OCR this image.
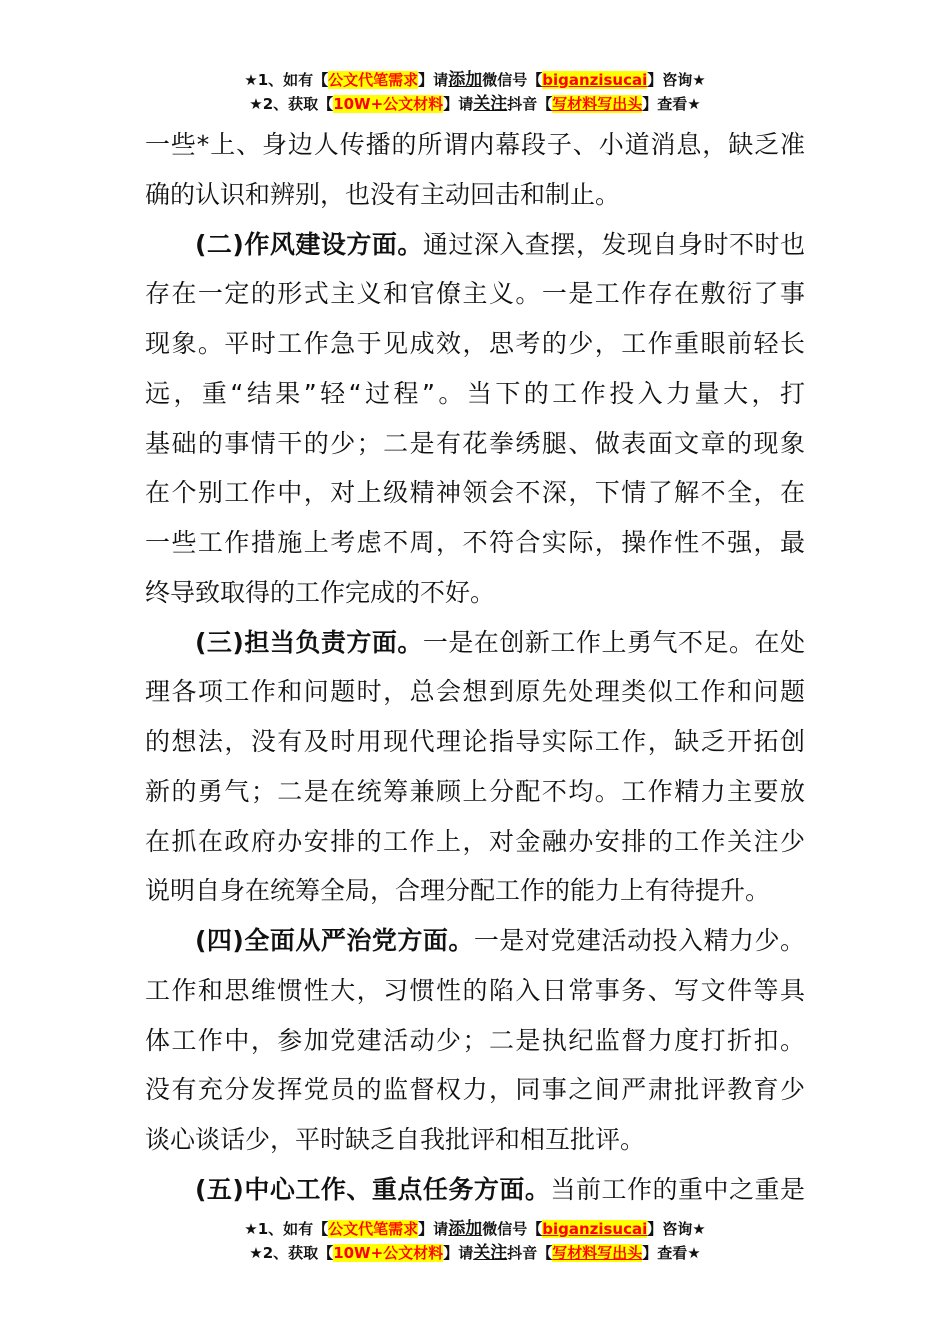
★1、如有【公文代笔需求】请添加微信号【biganzisucai】咨询★
★2、获取【10W+公文材料】请关注抖音【写材料写出头】查看★
一些*上、身边人传播的所谓内幕段子、小道消息，缺乏准
确的认识和辨别，也没有主动回击和制止。
(二)作风建设方面。通过深入查摆，发现自身时不时也
存在一定的形式主义和官僚主义。一是工作存在敷衍了事
现象。平时工作急于见成效，思考的少，工作重眼前轻长
远，重“结果”轻“过程”。当下的工作投入力量大，打
基础的事情干的少；二是有花拳绣腿、做表面文章的现象
在个别工作中，对上级精神领会不深，下情了解不全，在
一些工作措施上考虑不周，不符合实际，操作性不强，最
终导致取得的工作完成的不好。
(三)担当负责方面。一是在创新工作上勇气不足。在处
理各项工作和问题时，总会想到原先处理类似工作和问题
的想法，没有及时用现代理论指导实际工作，缺乏开拓创
新的勇气；二是在统筹兼顾上分配不均。工作精力主要放
在抓在政府办安排的工作上，对金融办安排的工作关注少
说明自身在统筹全局，合理分配工作的能力上有待提升。
(四)全面从严治党方面。一是对党建活动投入精力少。
工作和思维惯性大，习惯性的陷入日常事务、写文件等具
体工作中，参加党建活动少；二是执纪监督力度打折扣。
没有充分发挥党员的监督权力，同事之间严肃批评教育少
谈心谈话少，平时缺乏自我批评和相互批评。
(五)中心工作、重点任务方面。当前工作的重中之重是
★1、如有【公文代笔需求】请添加微信号【biganzisucai】咨询★
★2、获取【10W+公文材料】请关注抖音【写材料写出头】查看★
